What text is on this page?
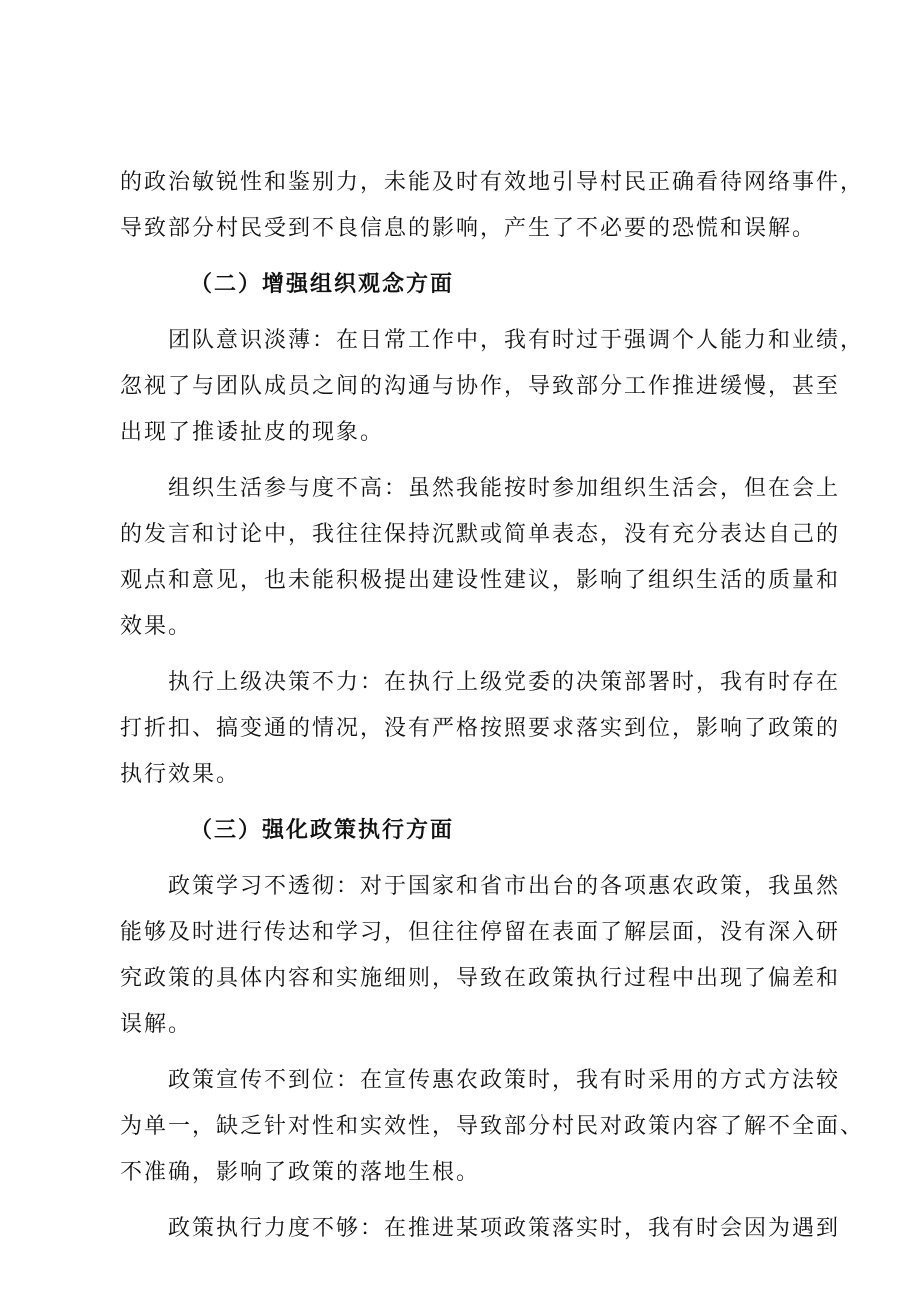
的政治敏锐性和鉴别力，未能及时有效地引导村民正确看待网络事件，
导致部分村民受到不良信息的影响，产生了不必要的恐慌和误解。
（二）增强组织观念方面
团队意识淡薄：在日常工作中，我有时过于强调个人能力和业绩，
忽视了与团队成员之间的沟通与协作，导致部分工作推进缓慢，甚至
出现了推诿扯皮的现象。
组织生活参与度不高：虽然我能按时参加组织生活会，但在会上
的发言和讨论中，我往往保持沉默或简单表态，没有充分表达自己的
观点和意见，也未能积极提出建设性建议，影响了组织生活的质量和
效果。
执行上级决策不力：在执行上级党委的决策部署时，我有时存在
打折扣、搞变通的情况，没有严格按照要求落实到位，影响了政策的
执行效果。
（三）强化政策执行方面
政策学习不透彻：对于国家和省市出台的各项惠农政策，我虽然
能够及时进行传达和学习，但往往停留在表面了解层面，没有深入研
究政策的具体内容和实施细则，导致在政策执行过程中出现了偏差和
误解。
政策宣传不到位：在宣传惠农政策时，我有时采用的方式方法较
为单一，缺乏针对性和实效性，导致部分村民对政策内容了解不全面、
不准确，影响了政策的落地生根。
政策执行力度不够：在推进某项政策落实时，我有时会因为遇到
